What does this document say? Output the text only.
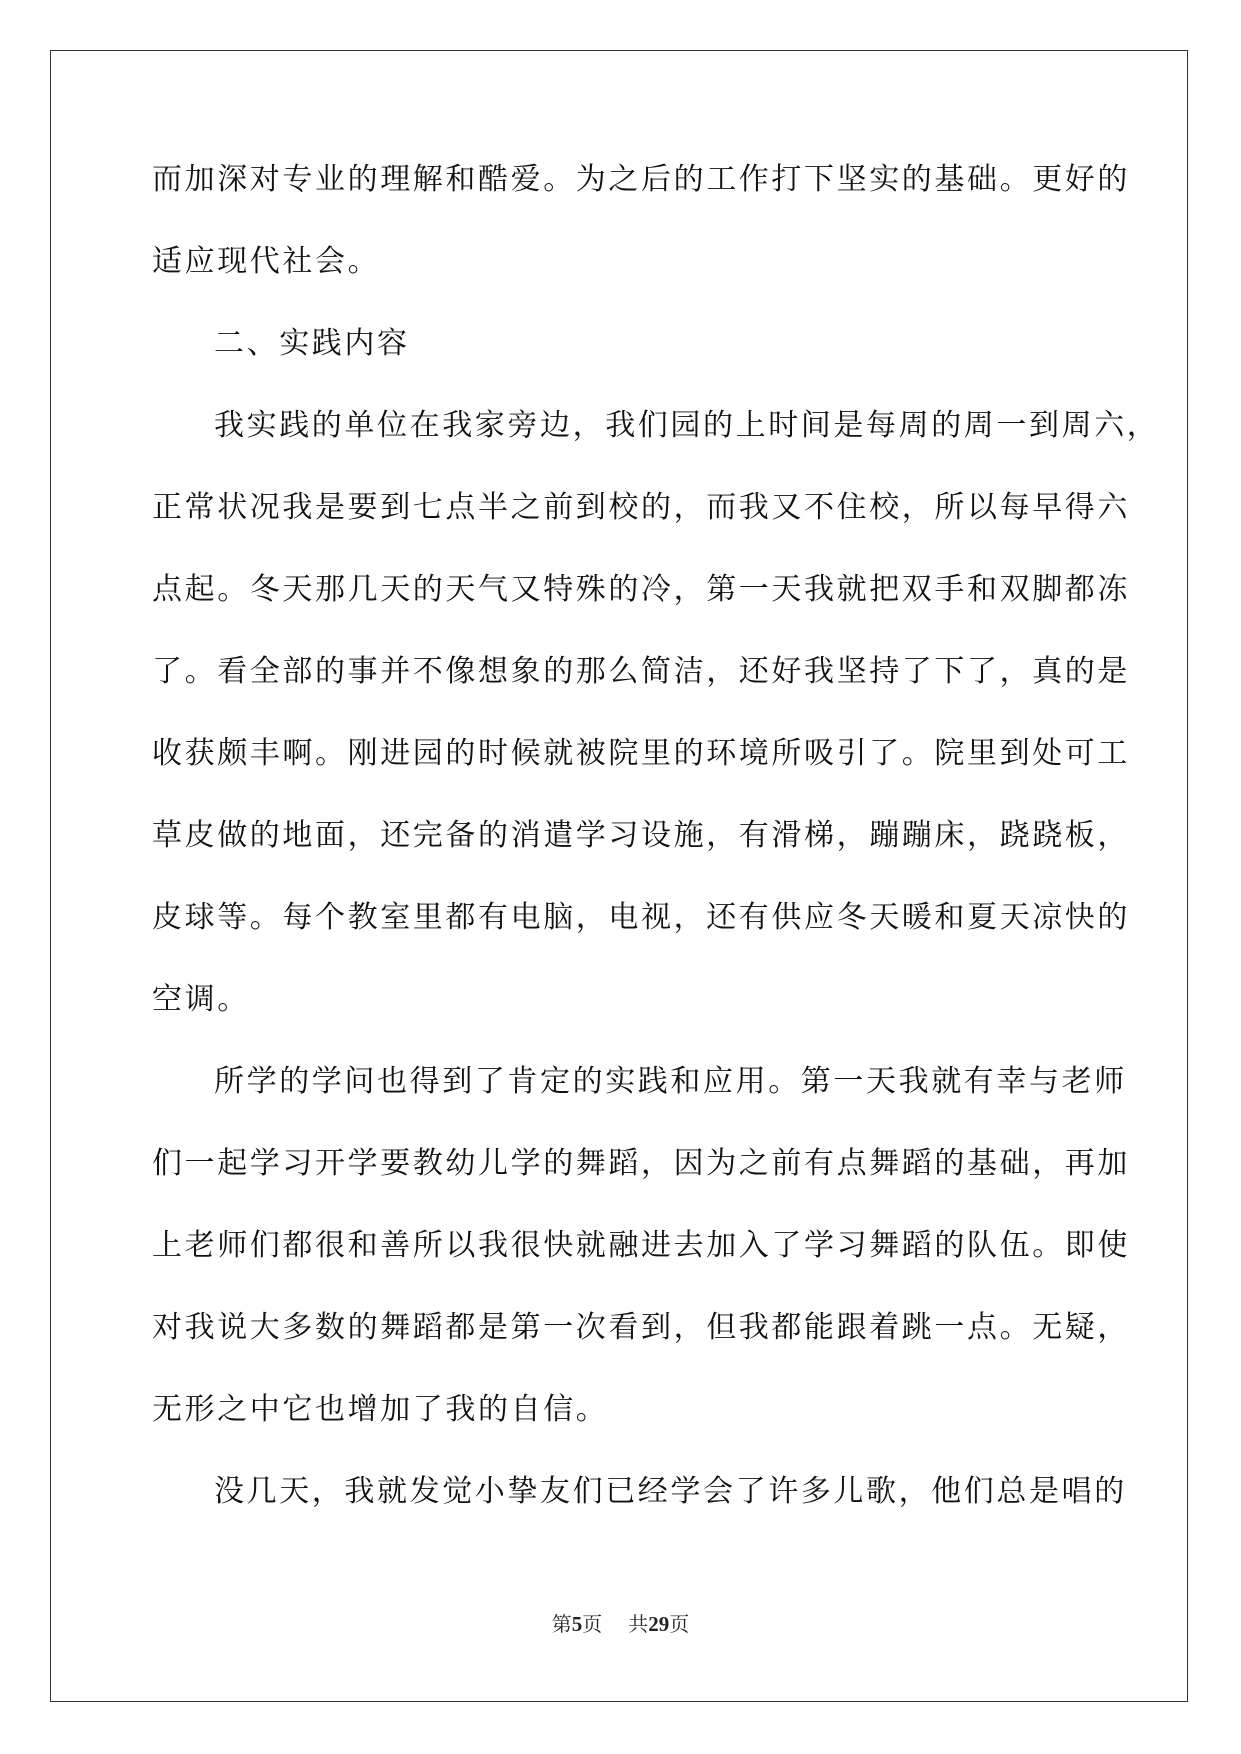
而加深对专业的理解和酷爱。为之后的工作打下坚实的基础。更好的
适应现代社会。
二、实践内容
我实践的单位在我家旁边，我们园的上时间是每周的周一到周六，
正常状况我是要到七点半之前到校的，而我又不住校，所以每早得六
点起。冬天那几天的天气又特殊的冷，第一天我就把双手和双脚都冻
了。看全部的事并不像想象的那么简洁，还好我坚持了下了，真的是
收获颇丰啊。刚进园的时候就被院里的环境所吸引了。院里到处可工
草皮做的地面，还完备的消遣学习设施，有滑梯，蹦蹦床，跷跷板，
皮球等。每个教室里都有电脑，电视，还有供应冬天暖和夏天凉快的
空调。
所学的学问也得到了肯定的实践和应用。第一天我就有幸与老师
们一起学习开学要教幼儿学的舞蹈，因为之前有点舞蹈的基础，再加
上老师们都很和善所以我很快就融进去加入了学习舞蹈的队伍。即使
对我说大多数的舞蹈都是第一次看到，但我都能跟着跳一点。无疑，
无形之中它也增加了我的自信。
没几天，我就发觉小挚友们已经学会了许多儿歌，他们总是唱的
第5页 共29页
